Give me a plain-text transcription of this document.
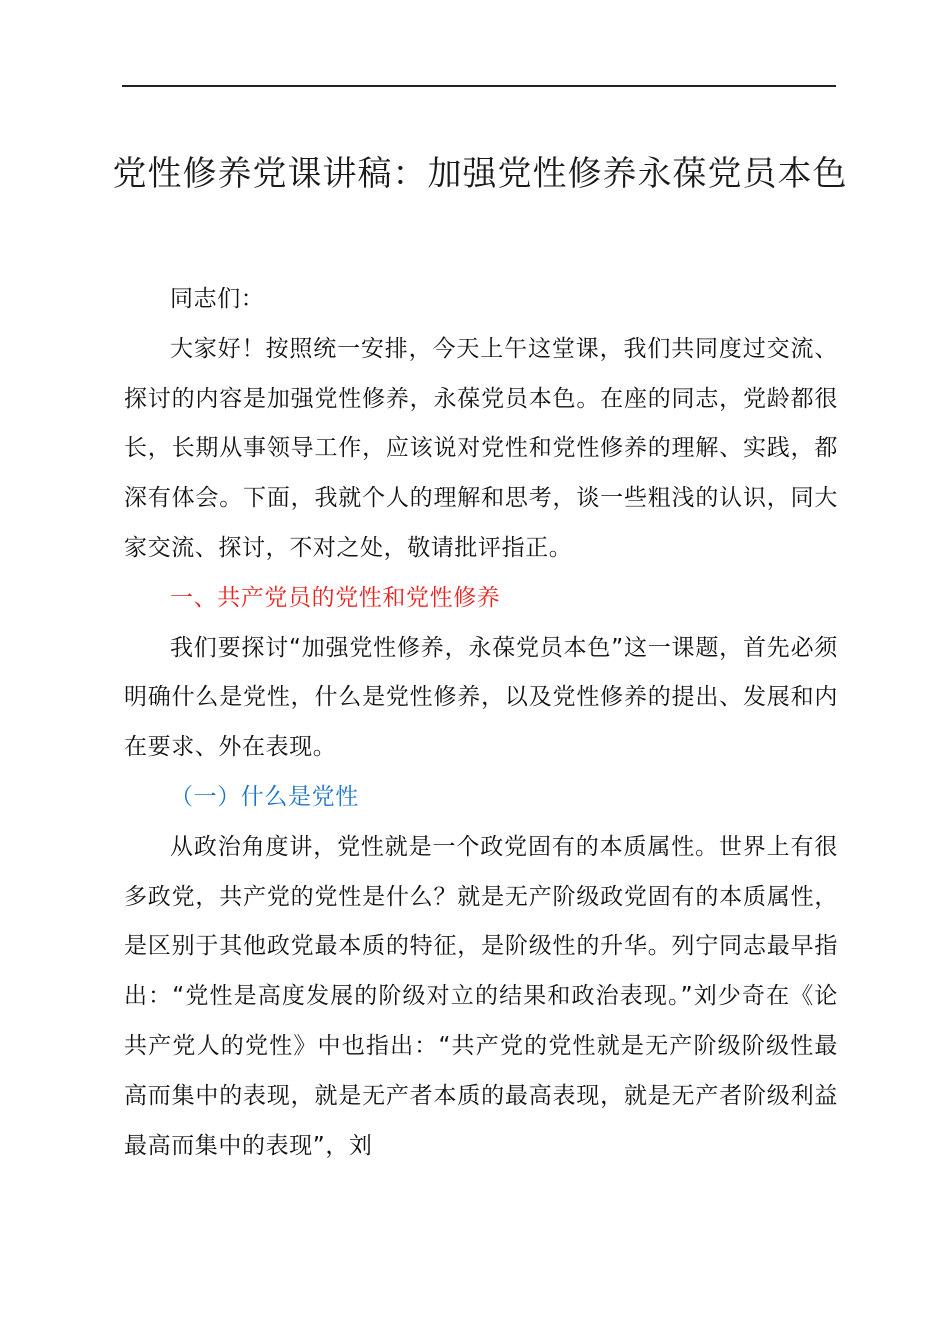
党性修养党课讲稿：加强党性修养永葆党员本色

同志们：

大家好！按照统一安排，今天上午这堂课，我们共同度过交流、探讨的内容是加强党性修养，永葆党员本色。在座的同志，党龄都很长，长期从事领导工作，应该说对党性和党性修养的理解、实践，都深有体会。下面，我就个人的理解和思考，谈一些粗浅的认识，同大家交流、探讨，不对之处，敬请批评指正。

一、共产党员的党性和党性修养

我们要探讨“加强党性修养，永葆党员本色”这一课题，首先必须明确什么是党性，什么是党性修养，以及党性修养的提出、发展和内在要求、外在表现。

（一）什么是党性

从政治角度讲，党性就是一个政党固有的本质属性。世界上有很多政党，共产党的党性是什么？就是无产阶级政党固有的本质属性，是区别于其他政党最本质的特征，是阶级性的升华。列宁同志最早指出：“党性是高度发展的阶级对立的结果和政治表现。”刘少奇在《论共产党人的党性》中也指出：“共产党的党性就是无产阶级阶级性最高而集中的表现，就是无产者本质的最高表现，就是无产者阶级利益最高而集中的表现”，刘
